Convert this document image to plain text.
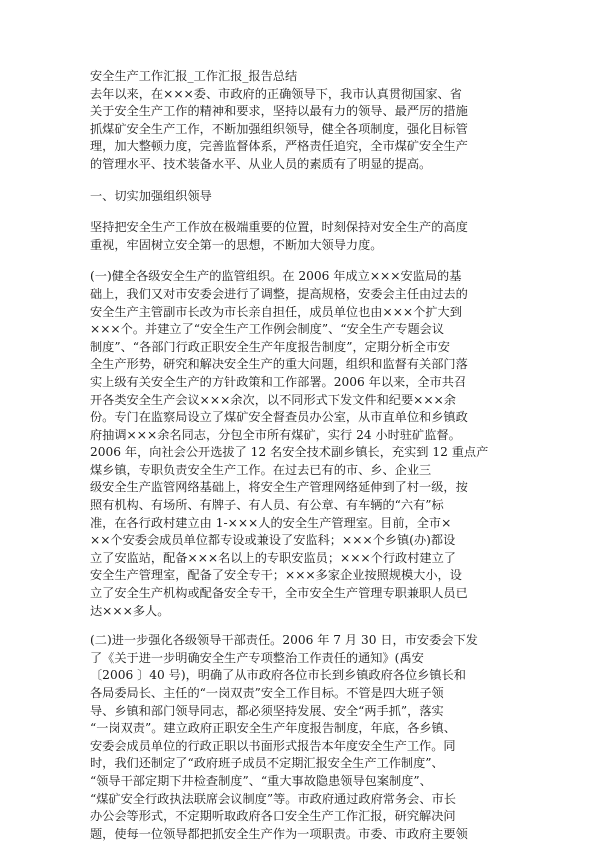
安全生产工作汇报_工作汇报_报告总结
去年以来，在×××委、市政府的正确领导下，我市认真贯彻国家、省
关于安全生产工作的精神和要求，坚持以最有力的领导、最严厉的措施
抓煤矿安全生产工作，不断加强组织领导，健全各项制度，强化目标管
理，加大整顿力度，完善监督体系，严格责任追究，全市煤矿安全生产
的管理水平、技术装备水平、从业人员的素质有了明显的提高。
一、切实加强组织领导
坚持把安全生产工作放在极端重要的位置，时刻保持对安全生产的高度
重视，牢固树立安全第一的思想，不断加大领导力度。
(一)健全各级安全生产的监管组织。在 2006 年成立×××安监局的基
础上，我们又对市安委会进行了调整，提高规格，安委会主任由过去的
安全生产主管副市长改为市长亲自担任，成员单位也由×××个扩大到
×××个。并建立了“安全生产工作例会制度”、“安全生产专题会议
制度”、“各部门行政正职安全生产年度报告制度”，定期分析全市安
全生产形势，研究和解决安全生产的重大问题，组织和监督有关部门落
实上级有关安全生产的方针政策和工作部署。2006 年以来，全市共召
开各类安全生产会议×××余次，以不同形式下发文件和纪要×××余
份。专门在监察局设立了煤矿安全督查员办公室，从市直单位和乡镇政
府抽调×××余名同志，分包全市所有煤矿，实行 24 小时驻矿监督。
2006 年，向社会公开选拔了 12 名安全技术副乡镇长，充实到 12 重点产
煤乡镇，专职负责安全生产工作。在过去已有的市、乡、企业三
级安全生产监管网络基础上，将安全生产管理网络延伸到了村一级，按
照有机构、有场所、有牌子、有人员、有公章、有车辆的“六有”标
准，在各行政村建立由 1-×××人的安全生产管理室。目前，全市×
××个安委会成员单位都专设或兼设了安监科；×××个乡镇(办)都设
立了安监站，配备×××名以上的专职安监员；×××个行政村建立了
安全生产管理室，配备了安全专干；×××多家企业按照规模大小，设
立了安全生产机构或配备安全专干，全市安全生产管理专职兼职人员已
达×××多人。
(二)进一步强化各级领导干部责任。2006 年 7 月 30 日，市安委会下发
了《关于进一步明确安全生产专项整治工作责任的通知》(禹安
〔2006 〕40 号)，明确了从市政府各位市长到乡镇政府各位乡镇长和
各局委局长、主任的“一岗双责”安全工作目标。不管是四大班子领
导、乡镇和部门领导同志，都必须坚持发展、安全“两手抓”，落实
“一岗双责”。建立政府正职安全生产年度报告制度，年底，各乡镇、
安委会成员单位的行政正职以书面形式报告本年度安全生产工作。同
时，我们还制定了“政府班子成员不定期汇报安全生产工作制度”、
“领导干部定期下井检查制度”、“重大事故隐患领导包案制度”、
“煤矿安全行政执法联席会议制度”等。市政府通过政府常务会、市长
办公会等形式，不定期听取政府各口安全生产工作汇报，研究解决问
题，使每一位领导都把抓安全生产作为一项职责。市委、市政府主要领
